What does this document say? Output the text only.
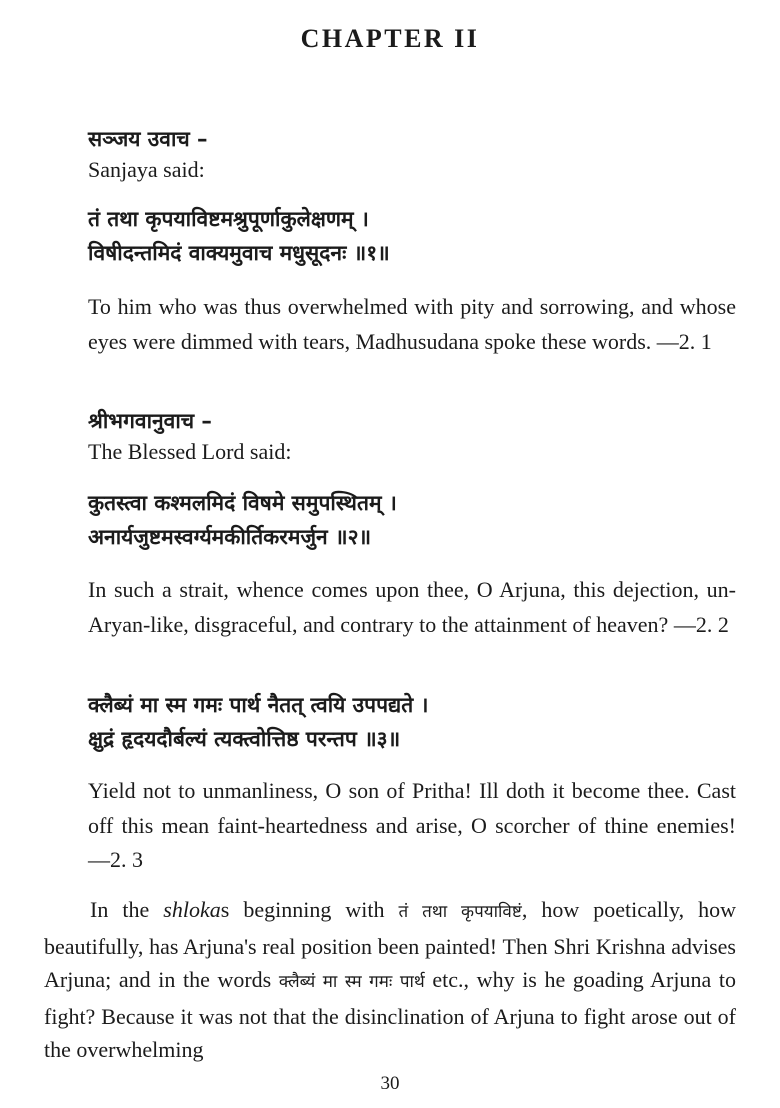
CHAPTER II
सञ्जय उवाच –
Sanjaya said:
तं तथा कृपयाविष्टमश्रुपूर्णाकुलेक्षणम् ।
विषीदन्तमिदं वाक्यमुवाच मधुसूदनः ॥१॥
To him who was thus overwhelmed with pity and sorrowing, and whose eyes were dimmed with tears, Madhusudana spoke these words. —2. 1
श्रीभगवानुवाच –
The Blessed Lord said:
कुतस्त्वा कश्मलमिदं विषमे समुपस्थितम् ।
अनार्यजुष्टमस्वर्ग्यमकीर्तिकरमर्जुन ॥२॥
In such a strait, whence comes upon thee, O Arjuna, this dejection, un-Aryan-like, disgraceful, and contrary to the attainment of heaven? —2. 2
क्लैब्यं मा स्म गमः पार्थ नैतत् त्वयि उपपद्यते ।
क्षुद्रं हृदयदौर्बल्यं त्यक्त्वोत्तिष्ठ परन्तप ॥३॥
Yield not to unmanliness, O son of Pritha! Ill doth it become thee. Cast off this mean faint-heartedness and arise, O scorcher of thine enemies! —2. 3
In the shlokas beginning with तं तथा कृपयाविष्टं, how poetically, how beautifully, has Arjuna's real position been painted! Then Shri Krishna advises Arjuna; and in the words क्लैब्यं मा स्म गमः पार्थ etc., why is he goading Arjuna to fight? Because it was not that the disinclination of Arjuna to fight arose out of the overwhelming
30
